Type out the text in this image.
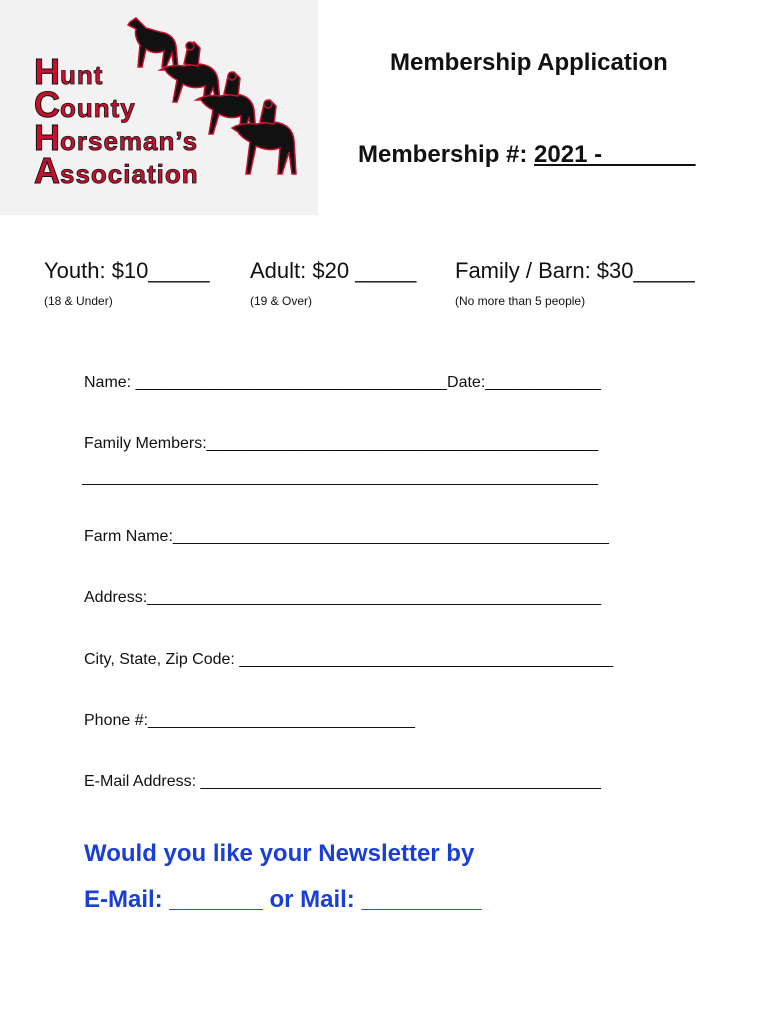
Hunt
County
Horseman’s
Association
Membership Application
Membership #: 2021 -_______
Youth: $10_____
(18 & Under)
Adult: $20 _____
(19 & Over)
Family / Barn: $30_____
(No more than 5 people)
Name: ___________________________________Date:_____________
Family Members:____________________________________________
__________________________________________________________
Farm Name:_________________________________________________
Address:___________________________________________________
City, State, Zip Code: __________________________________________
Phone #:______________________________
E-Mail Address: _____________________________________________
Would you like your Newsletter by
E-Mail: _______ or Mail: _________
